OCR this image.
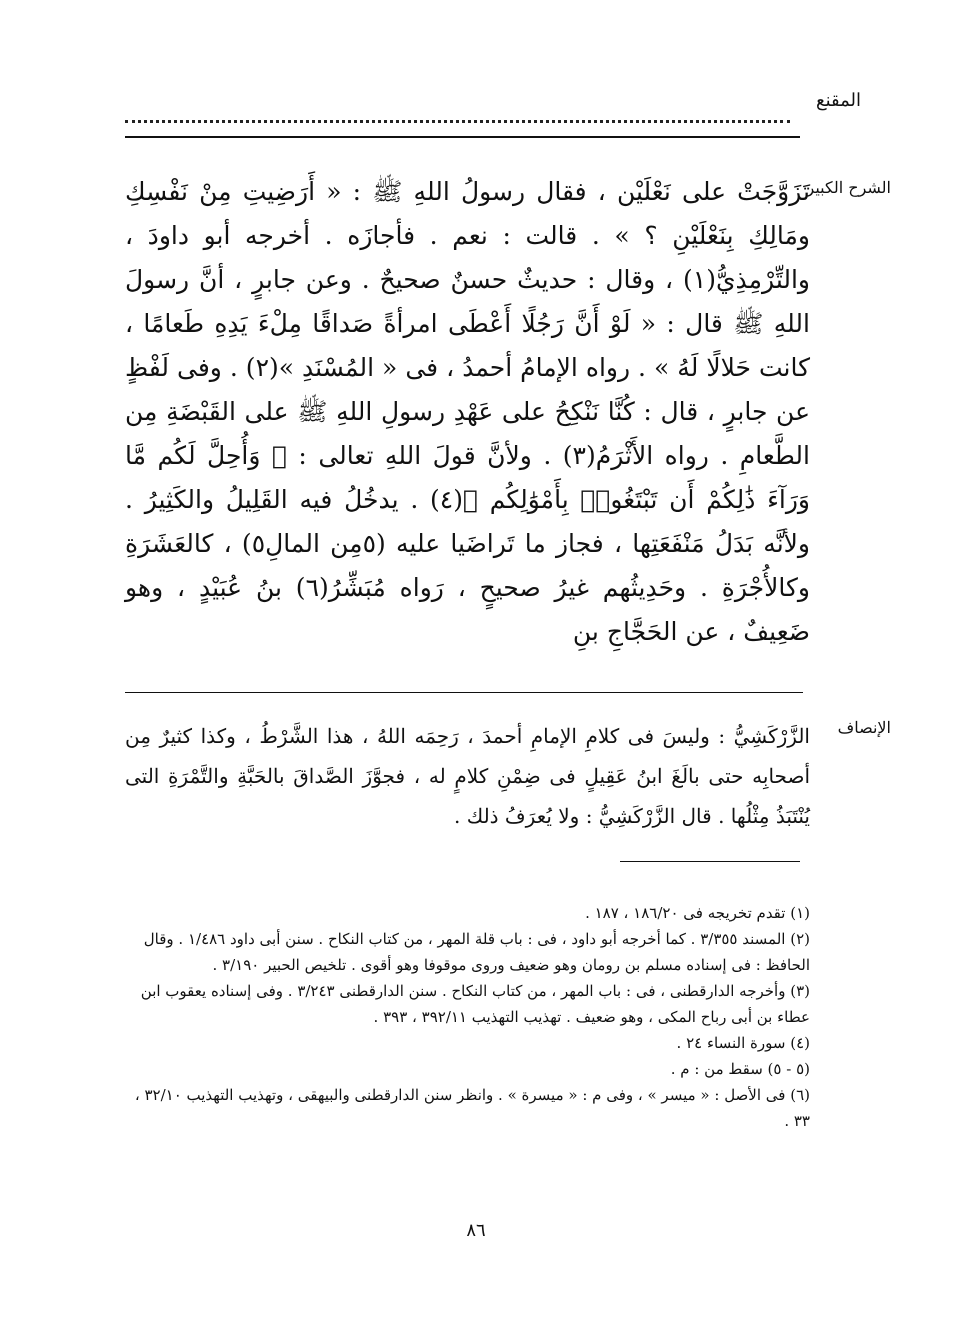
المقنع
الشرح الكبير

تَزَوَّجَتْ على نَعْلَيْن ، فقال رسولُ اللهِ ﷺ : « أَرَضِيتِ مِنْ نَفْسِكِ ومَالِكِ بِنَعْلَيْنِ ؟ » . قالت : نعم . فأجازَه . أخرجه أبو داودَ ، والتِّرْمِذِيُّ(١) ، وقال : حديثٌ حسنٌ صحيحٌ . وعن جابرٍ ، أنَّ رسولَ اللهِ ﷺ قال : « لَوْ أَنَّ رَجُلًا أَعْطَى امرأةً صَداقًا مِلْءَ يَدِهِ طَعامًا ، كانت حَلالًا لَهُ » . رواه الإمامُ أحمدُ ، فى « المُسْنَدِ »(٢) . وفى لَفْظٍ عن جابرٍ ، قال : كُنَّا نَنْكِحُ على عَهْدِ رسولِ اللهِ ﷺ على القَبْضَةِ مِن الطَّعامِ . رواه الأَثْرَمُ(٣) . ولأنَّ قولَ اللهِ تعالى : ﴿ وَأُحِلَّ لَكُم مَّا وَرَآءَ ذَٰلِكُمْ أَن تَبْتَغُوا۟ بِأَمْوَٰلِكُم ﴾(٤) . يدخُلُ فيه القَلِيلُ والكَثِيرُ . ولأنَّه بَدَلُ مَنْفَعَتِها ، فجاز ما تَراضَيا عليه (٥مِن المالِ٥) ، كالعَشَرَةِ وكالأُجْرَةِ . وحَدِيثُهم غيرُ صحيحٍ ، رَواه مُبَشِّرُ(٦) بنُ عُبَيْدٍ ، وهو ضَعِيفٌ ، عن الحَجَّاجِ بنِ

الإنصاف
الزَّرْكَشِيُّ : وليسَ فى كلامِ الإمامِ أحمدَ ، رَحِمَه اللهُ ، هذا الشَّرْطُ ، وكذا كثيرٌ مِن أصحابِه حتى بالَغَ ابنُ عَقِيلٍ فى ضِمْنِ كلامٍ له ، فجوَّزَ الصَّداقَ بالحَبَّةِ والتَّمْرَةِ التى يُنْتَبَذُ مِثْلُها . قال الزَّرْكَشِيُّ : ولا يُعرَفُ ذلك .

(١) تقدم تخريجه فى ١٨٦/٢٠ ، ١٨٧ .

(٢) المسند ٣/٣٥٥ . كما أخرجه أبو داود ، فى : باب قلة المهر ، من كتاب النكاح . سنن أبى داود ١/٤٨٦ . وقال الحافظ : فى إسناده مسلم بن رومان وهو ضعيف وروى موقوفا وهو أقوى . تلخيص الحبير ٣/١٩٠ .

(٣) وأخرجه الدارقطنى ، فى : باب المهر ، من كتاب النكاح . سنن الدارقطنى ٣/٢٤٣ . وفى إسناده يعقوب ابن عطاء بن أبى رباح المكى ، وهو ضعيف . تهذيب التهذيب ٣٩٢/١١ ، ٣٩٣ .

(٤) سورة النساء ٢٤ .

(٥ - ٥) سقط من : م .

(٦) فى الأصل : « ميسر » ، وفى م : « ميسرة » . وانظر سنن الدارقطنى والبيهقى ، وتهذيب التهذيب ٣٢/١٠ ، ٣٣ .

٨٦
